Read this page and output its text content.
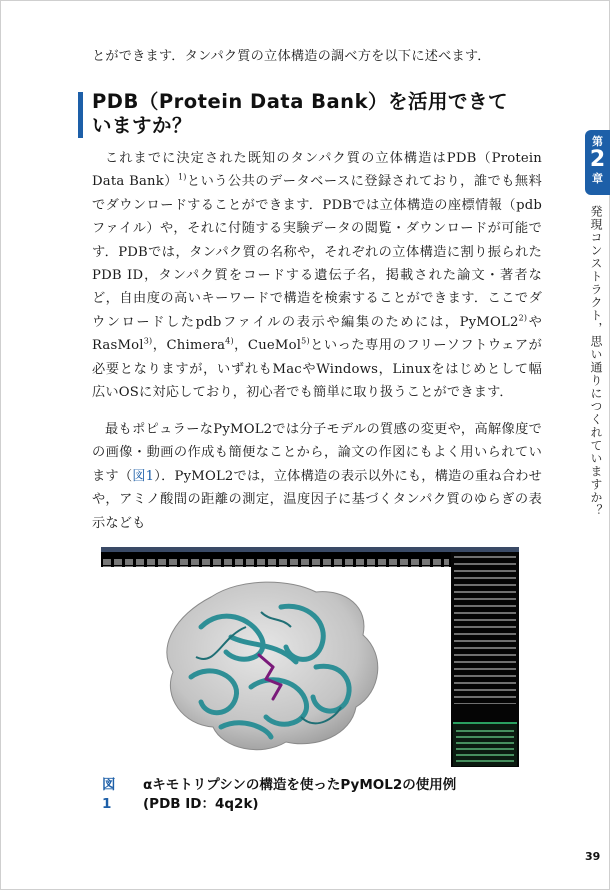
とができます．タンパク質の立体構造の調べ方を以下に述べます．
PDB（Protein Data Bank）を活用できて
いますか？

これまでに決定された既知のタンパク質の立体構造はPDB（Protein Data Bank）$^{1)}$という公共のデータベースに登録されており，誰でも無料でダウンロードすることができます．PDBでは立体構造の座標情報（pdbファイル）や，それに付随する実験データの閲覧・ダウンロードが可能です．PDBでは，タンパク質の名称や，それぞれの立体構造に割り振られたPDB ID，タンパク質をコードする遺伝子名，掲載された論文・著者など，自由度の高いキーワードで構造を検索することができます．ここでダウンロードしたpdbファイルの表示や編集のためには，PyMOL2$^{2)}$やRasMol$^{3)}$，Chimera$^{4)}$，CueMol$^{5)}$といった専用のフリーソフトウェアが必要となりますが，いずれもMacやWindows，Linuxをはじめとして幅広いOSに対応しており，初心者でも簡単に取り扱うことができます．

最もポピュラーなPyMOL2では分子モデルの質感の変更や，高解像度での画像・動画の作成も簡便なことから，論文の作図にもよく用いられています（図1）．PyMOL2では，立体構造の表示以外にも，構造の重ね合わせや，アミノ酸間の距離の測定，温度因子に基づくタンパク質のゆらぎの表示なども

第
2
章
発現コンストラクト，思い通りにつくれていますか？
図1
αキモトリプシンの構造を使ったPyMOL2の使用例
(PDB ID：4q2k)
39
